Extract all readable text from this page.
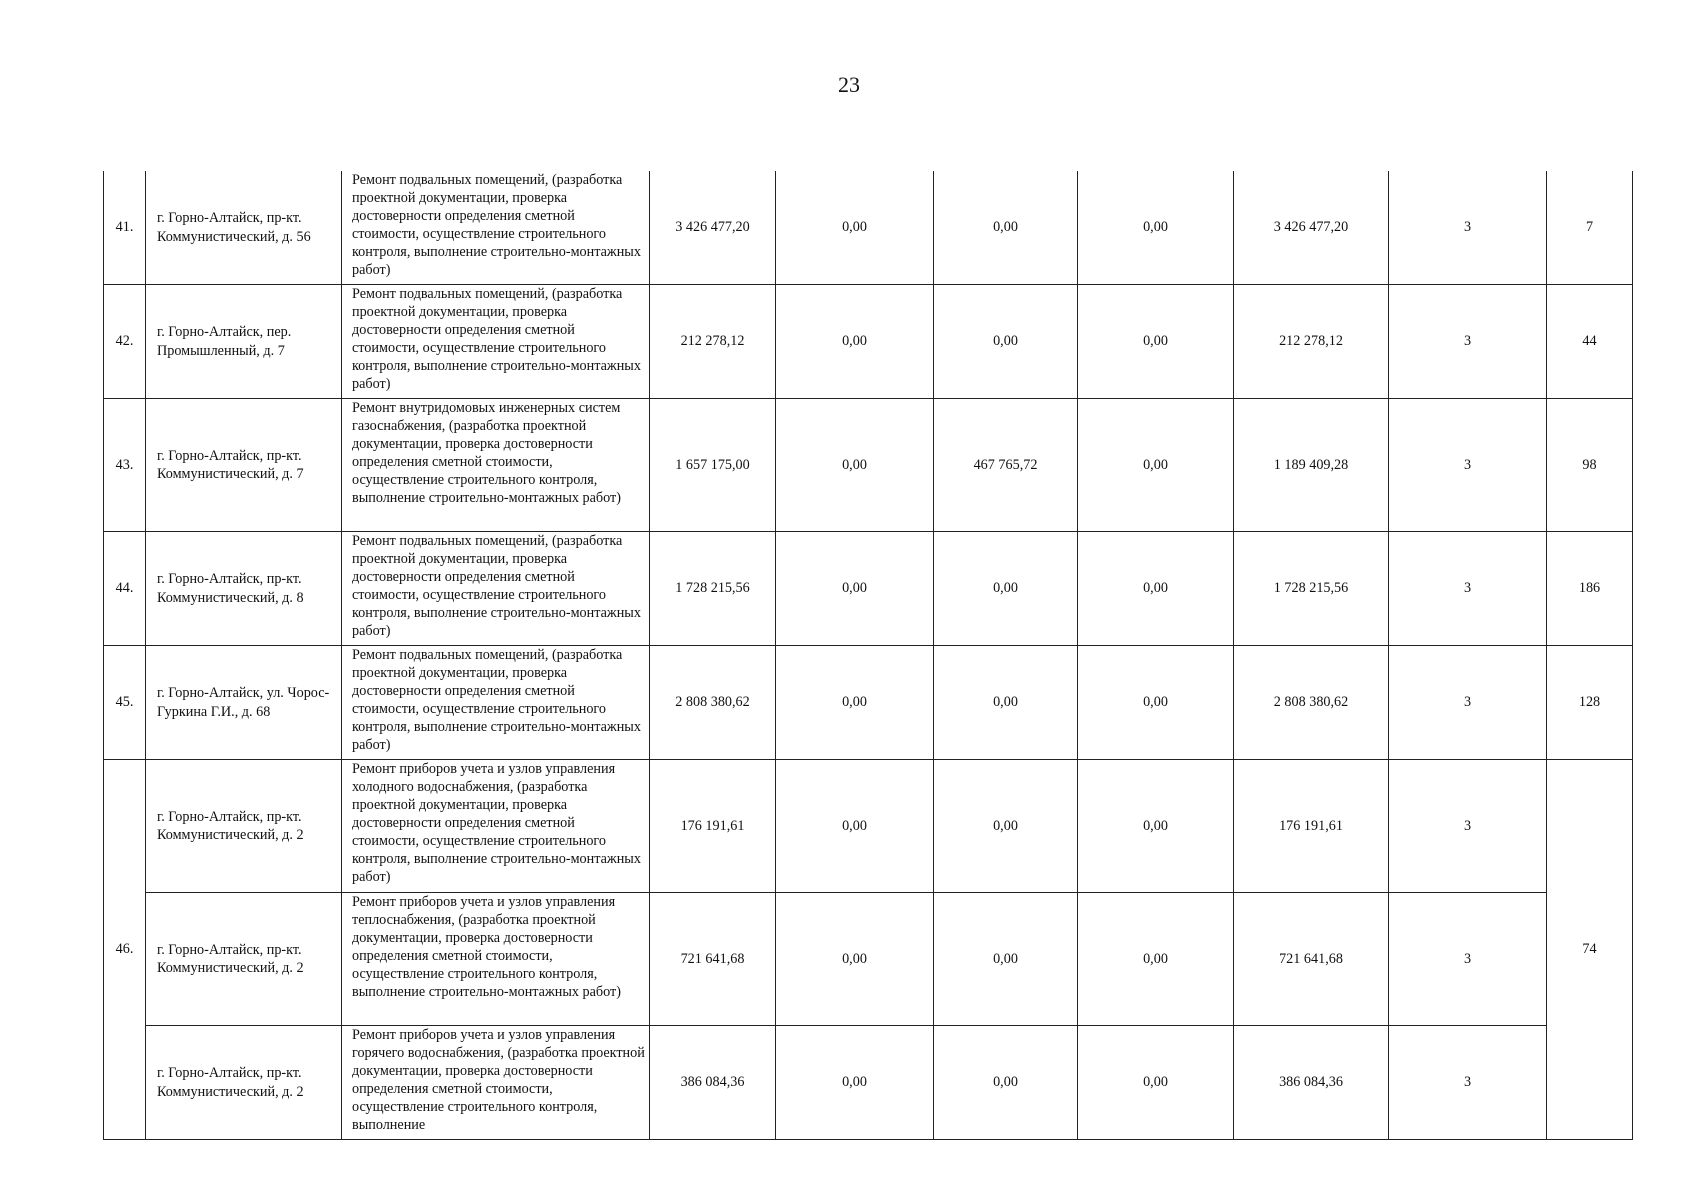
23
41.	г. Горно-Алтайск, пр-кт. Коммунистический, д. 56	Ремонт подвальных помещений, (разработка проектной документации, проверка достоверности определения сметной стоимости, осуществление строительного контроля, выполнение строительно-монтажных работ)	3 426 477,20	0,00	0,00	0,00	3 426 477,20	3	7
42.	г. Горно-Алтайск, пер. Промышленный, д. 7	Ремонт подвальных помещений, (разработка проектной документации, проверка достоверности определения сметной стоимости, осуществление строительного контроля, выполнение строительно-монтажных работ)	212 278,12	0,00	0,00	0,00	212 278,12	3	44
43.	г. Горно-Алтайск, пр-кт. Коммунистический, д. 7	Ремонт внутридомовых инженерных систем газоснабжения, (разработка проектной документации, проверка достоверности определения сметной стоимости, осуществление строительного контроля, выполнение строительно-монтажных работ)	1 657 175,00	0,00	467 765,72	0,00	1 189 409,28	3	98
44.	г. Горно-Алтайск, пр-кт. Коммунистический, д. 8	Ремонт подвальных помещений, (разработка проектной документации, проверка достоверности определения сметной стоимости, осуществление строительного контроля, выполнение строительно-монтажных работ)	1 728 215,56	0,00	0,00	0,00	1 728 215,56	3	186
45.	г. Горно-Алтайск, ул. Чорос-Гуркина Г.И., д. 68	Ремонт подвальных помещений, (разработка проектной документации, проверка достоверности определения сметной стоимости, осуществление строительного контроля, выполнение строительно-монтажных работ)	2 808 380,62	0,00	0,00	0,00	2 808 380,62	3	128
46.	г. Горно-Алтайск, пр-кт. Коммунистический, д. 2	Ремонт приборов учета и узлов управления холодного водоснабжения, (разработка проектной документации, проверка достоверности определения сметной стоимости, осуществление строительного контроля, выполнение строительно-монтажных работ)	176 191,61	0,00	0,00	0,00	176 191,61	3	74
	г. Горно-Алтайск, пр-кт. Коммунистический, д. 2	Ремонт приборов учета и узлов управления теплоснабжения, (разработка проектной документации, проверка достоверности определения сметной стоимости, осуществление строительного контроля, выполнение строительно-монтажных работ)	721 641,68	0,00	0,00	0,00	721 641,68	3	
	г. Горно-Алтайск, пр-кт. Коммунистический, д. 2	Ремонт приборов учета и узлов управления горячего водоснабжения, (разработка проектной документации, проверка достоверности определения сметной стоимости, осуществление строительного контроля, выполнение	386 084,36	0,00	0,00	0,00	386 084,36	3	
